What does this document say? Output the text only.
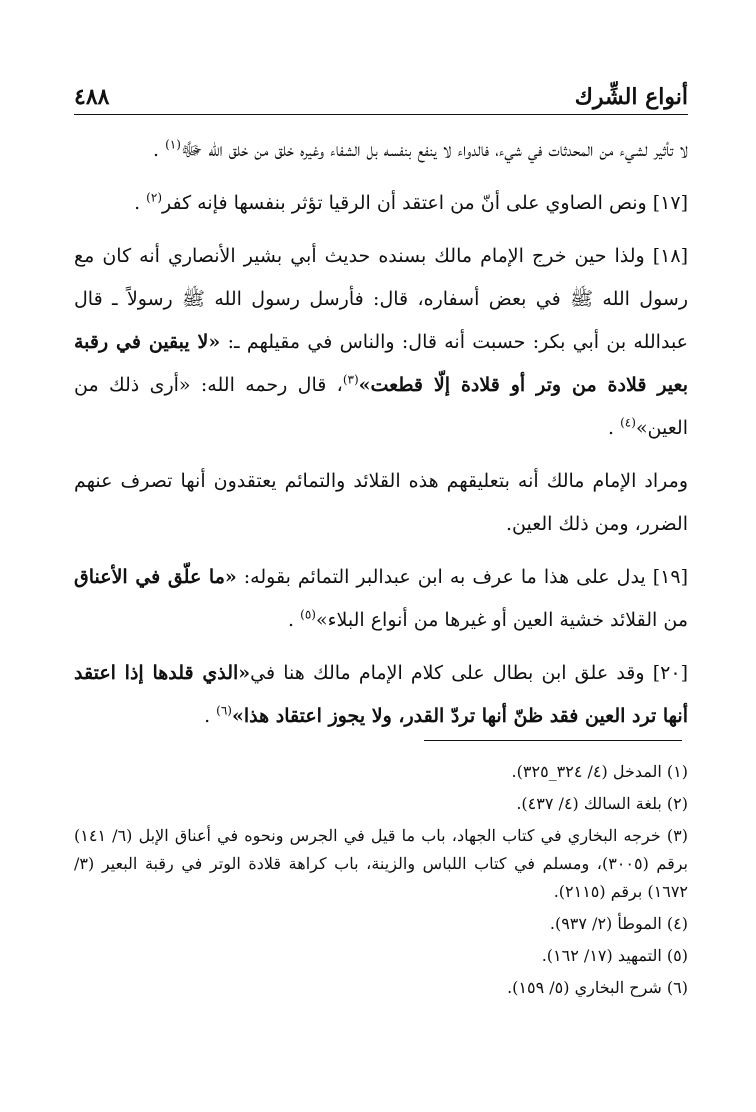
أنواع الشِّرك
٤٨٨

لا تأثير لشيء من المحدثات في شيء، فالدواء لا ينفع بنفسه بل الشفاء وغيره خلق من خلق الله ﷻ$^{(١)}$ .

[١٧] ونص الصاوي على أنّ من اعتقد أن الرقيا تؤثر بنفسها فإنه كفر$^{(٢)}$ .

[١٨] ولذا حين خرج الإمام مالك بسنده حديث أبي بشير الأنصاري أنه كان مع رسول الله ﷺ في بعض أسفاره، قال: فأرسل رسول الله ﷺ رسولاً ـ قال عبدالله بن أبي بكر: حسبت أنه قال: والناس في مقيلهم ـ: «لا يبقين في رقبة بعير قلادة من وتر أو قلادة إلّا قطعت»$^{(٣)}$، قال رحمه الله: «أرى ذلك من العين»$^{(٤)}$ .

ومراد الإمام مالك أنه بتعليقهم هذه القلائد والتمائم يعتقدون أنها تصرف عنهم الضرر، ومن ذلك العين.

[١٩] يدل على هذا ما عرف به ابن عبدالبر التمائم بقوله: «ما علّق في الأعناق من القلائد خشية العين أو غيرها من أنواع البلاء»$^{(٥)}$ .

[٢٠] وقد علق ابن بطال على كلام الإمام مالك هنا في«الذي قلدها إذا اعتقد أنها ترد العين فقد ظنّ أنها تردّ القدر، ولا يجوز اعتقاد هذا»$^{(٦)}$ .

(١) المدخل (٤/ ٣٢٤_٣٢٥).
(٢) بلغة السالك (٤/ ٤٣٧).
(٣) خرجه البخاري في كتاب الجهاد، باب ما قيل في الجرس ونحوه في أعناق الإبل (٦/ ١٤١) برقم (٣٠٠٥)، ومسلم في كتاب اللباس والزينة، باب كراهة قلادة الوتر في رقبة البعير (٣/ ١٦٧٢) برقم (٢١١٥).
(٤) الموطأ (٢/ ٩٣٧).
(٥) التمهيد (١٧/ ١٦٢).
(٦) شرح البخاري (٥/ ١٥٩).
